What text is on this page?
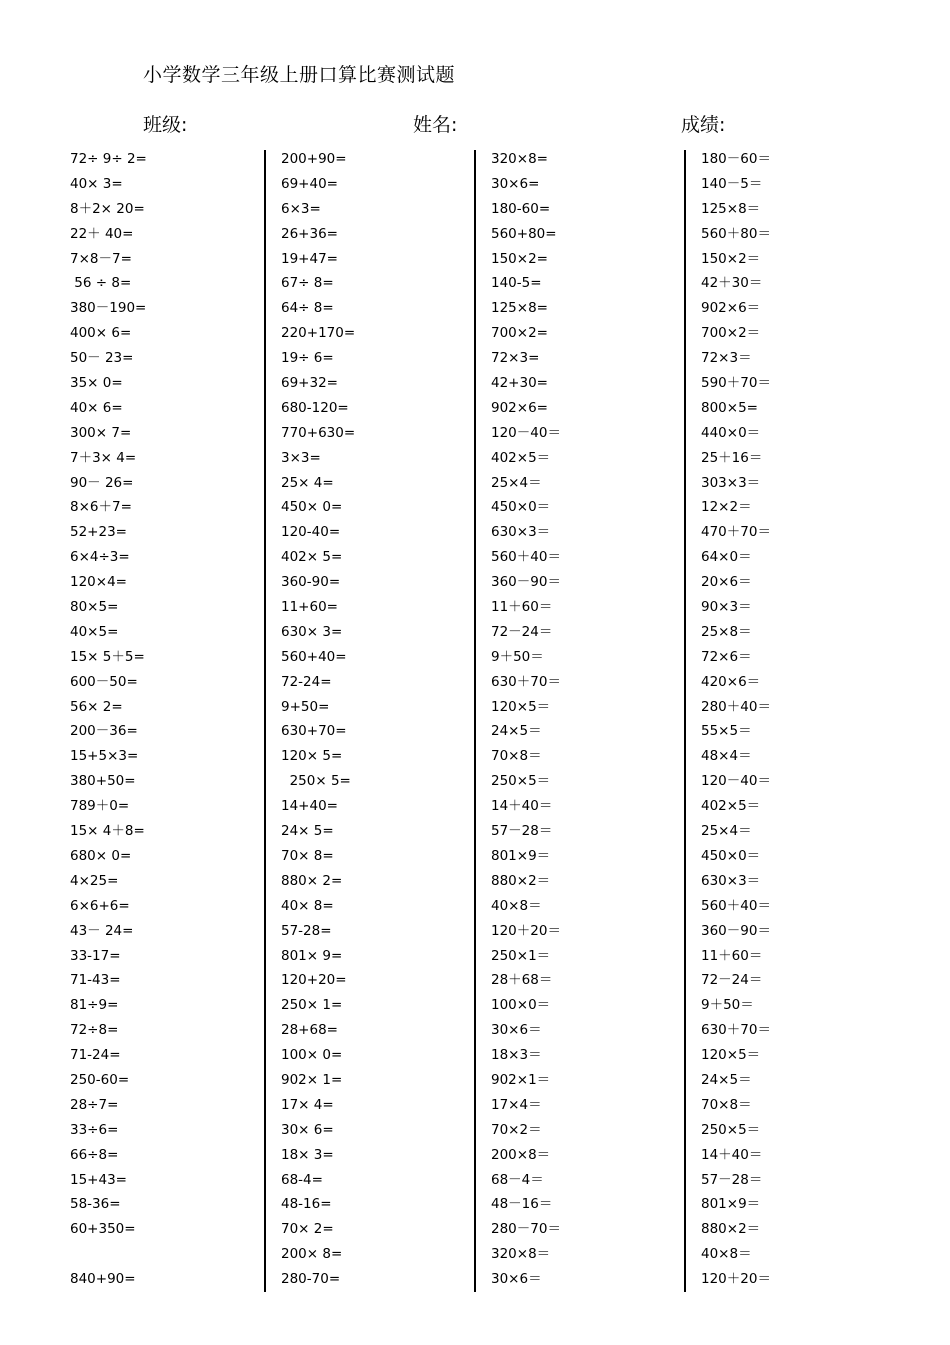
小学数学三年级上册口算比赛测试题
班级:	姓名:	成绩:
72÷ 9÷ 2=
40× 3=
8＋2× 20=
22＋ 40=
7×8－7=
56 ÷ 8=
380－190=
400× 6=
50－ 23=
35× 0=
40× 6=
300× 7=
7＋3× 4=
90－ 26=
8×6＋7=
52+23=
6×4÷3=
120×4=
80×5=
40×5=
15× 5＋5=
600－50=
56× 2=
200－36=
15+5×3=
380+50=
789＋0=
15× 4＋8=
680× 0=
4×25=
6×6+6=
43－ 24=
33-17=
71-43=
81÷9=
72÷8=
71-24=
250-60=
28÷7=
33÷6=
66÷8=
15+43=
58-36=
60+350=
840+90=
200+90=
69+40=
6×3=
26+36=
19+47=
67÷ 8=
64÷ 8=
220+170=
19÷ 6=
69+32=
680-120=
770+630=
3×3=
25× 4=
450× 0=
120-40=
402× 5=
360-90=
11+60=
630× 3=
560+40=
72-24=
9+50=
630+70=
120× 5=
250× 5=
14+40=
24× 5=
70× 8=
880× 2=
40× 8=
57-28=
801× 9=
120+20=
250× 1=
28+68=
100× 0=
902× 1=
17× 4=
30× 6=
18× 3=
68-4=
48-16=
70× 2=
200× 8=
280-70=
320×8=
30×6=
180-60=
560+80=
150×2=
140-5=
125×8=
700×2=
72×3=
42+30=
902×6=
120－40＝
402×5＝
25×4＝
450×0＝
630×3＝
560＋40＝
360－90＝
11＋60＝
72－24＝
9＋50＝
630＋70＝
120×5＝
24×5＝
70×8＝
250×5＝
14＋40＝
57－28＝
801×9＝
880×2＝
40×8＝
120＋20＝
250×1＝
28＋68＝
100×0＝
30×6＝
18×3＝
902×1＝
17×4＝
70×2＝
200×8＝
68－4＝
48－16＝
280－70＝
320×8＝
30×6＝
180－60＝
140－5＝
125×8＝
560＋80＝
150×2＝
42＋30＝
902×6＝
700×2＝
72×3＝
590＋70＝
800×5=
440×0＝
25＋16＝
303×3＝
12×2＝
470＋70＝
64×0＝
20×6＝
90×3＝
25×8＝
72×6＝
420×6＝
280＋40＝
55×5＝
48×4＝
120－40＝
402×5＝
25×4＝
450×0＝
630×3＝
560＋40＝
360－90＝
11＋60＝
72－24＝
9＋50＝
630＋70＝
120×5＝
24×5＝
70×8＝
250×5＝
14＋40＝
57－28＝
801×9＝
880×2＝
40×8＝
120＋20＝
